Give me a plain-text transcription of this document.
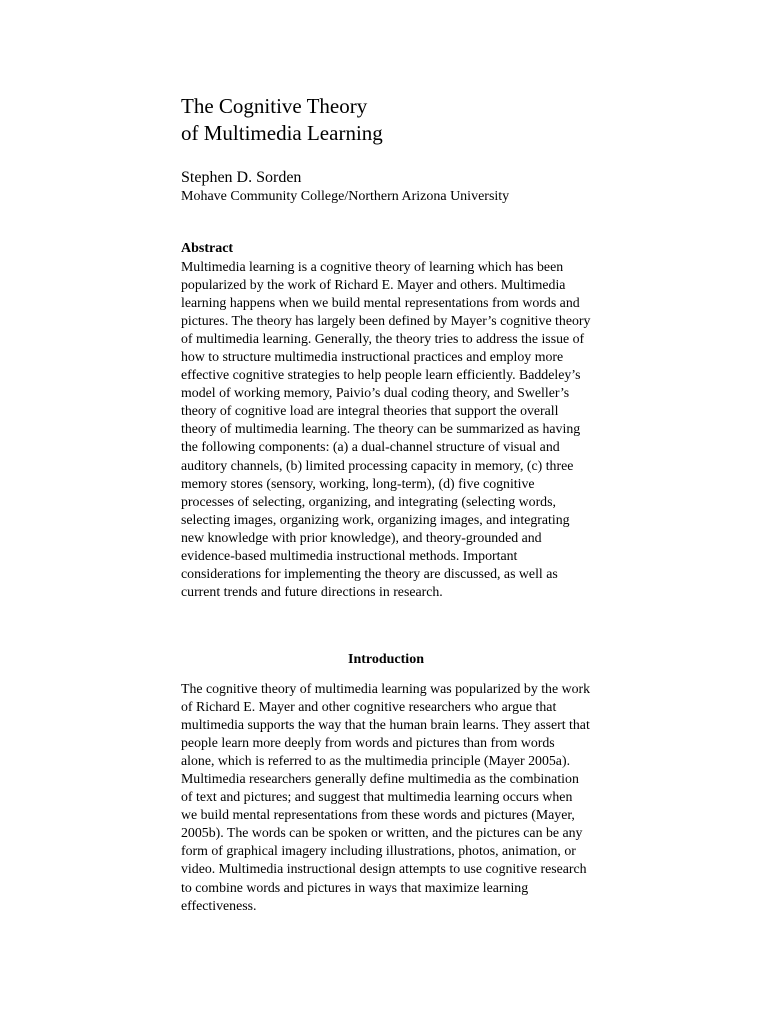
The Cognitive Theory
of Multimedia Learning

Stephen D. Sorden

Mohave Community College/Northern Arizona University

Abstract

Multimedia learning is a cognitive theory of learning which has been popularized by the work of Richard E. Mayer and others. Multimedia learning happens when we build mental representations from words and pictures. The theory has largely been defined by Mayer’s cognitive theory of multimedia learning. Generally, the theory tries to address the issue of how to structure multimedia instructional practices and employ more effective cognitive strategies to help people learn efficiently. Baddeley’s model of working memory, Paivio’s dual coding theory, and Sweller’s theory of cognitive load are integral theories that support the overall theory of multimedia learning. The theory can be summarized as having the following components: (a) a dual-channel structure of visual and auditory channels, (b) limited processing capacity in memory, (c) three memory stores (sensory, working, long-term), (d) five cognitive processes of selecting, organizing, and integrating (selecting words, selecting images, organizing work, organizing images, and integrating new knowledge with prior knowledge), and theory-grounded and evidence-based multimedia instructional methods. Important considerations for implementing the theory are discussed, as well as current trends and future directions in research.

Introduction

The cognitive theory of multimedia learning was popularized by the work of Richard E. Mayer and other cognitive researchers who argue that multimedia supports the way that the human brain learns. They assert that people learn more deeply from words and pictures than from words alone, which is referred to as the multimedia principle (Mayer 2005a). Multimedia researchers generally define multimedia as the combination of text and pictures; and suggest that multimedia learning occurs when we build mental representations from these words and pictures (Mayer, 2005b). The words can be spoken or written, and the pictures can be any form of graphical imagery including illustrations, photos, animation, or video. Multimedia instructional design attempts to use cognitive research to combine words and pictures in ways that maximize learning effectiveness.
